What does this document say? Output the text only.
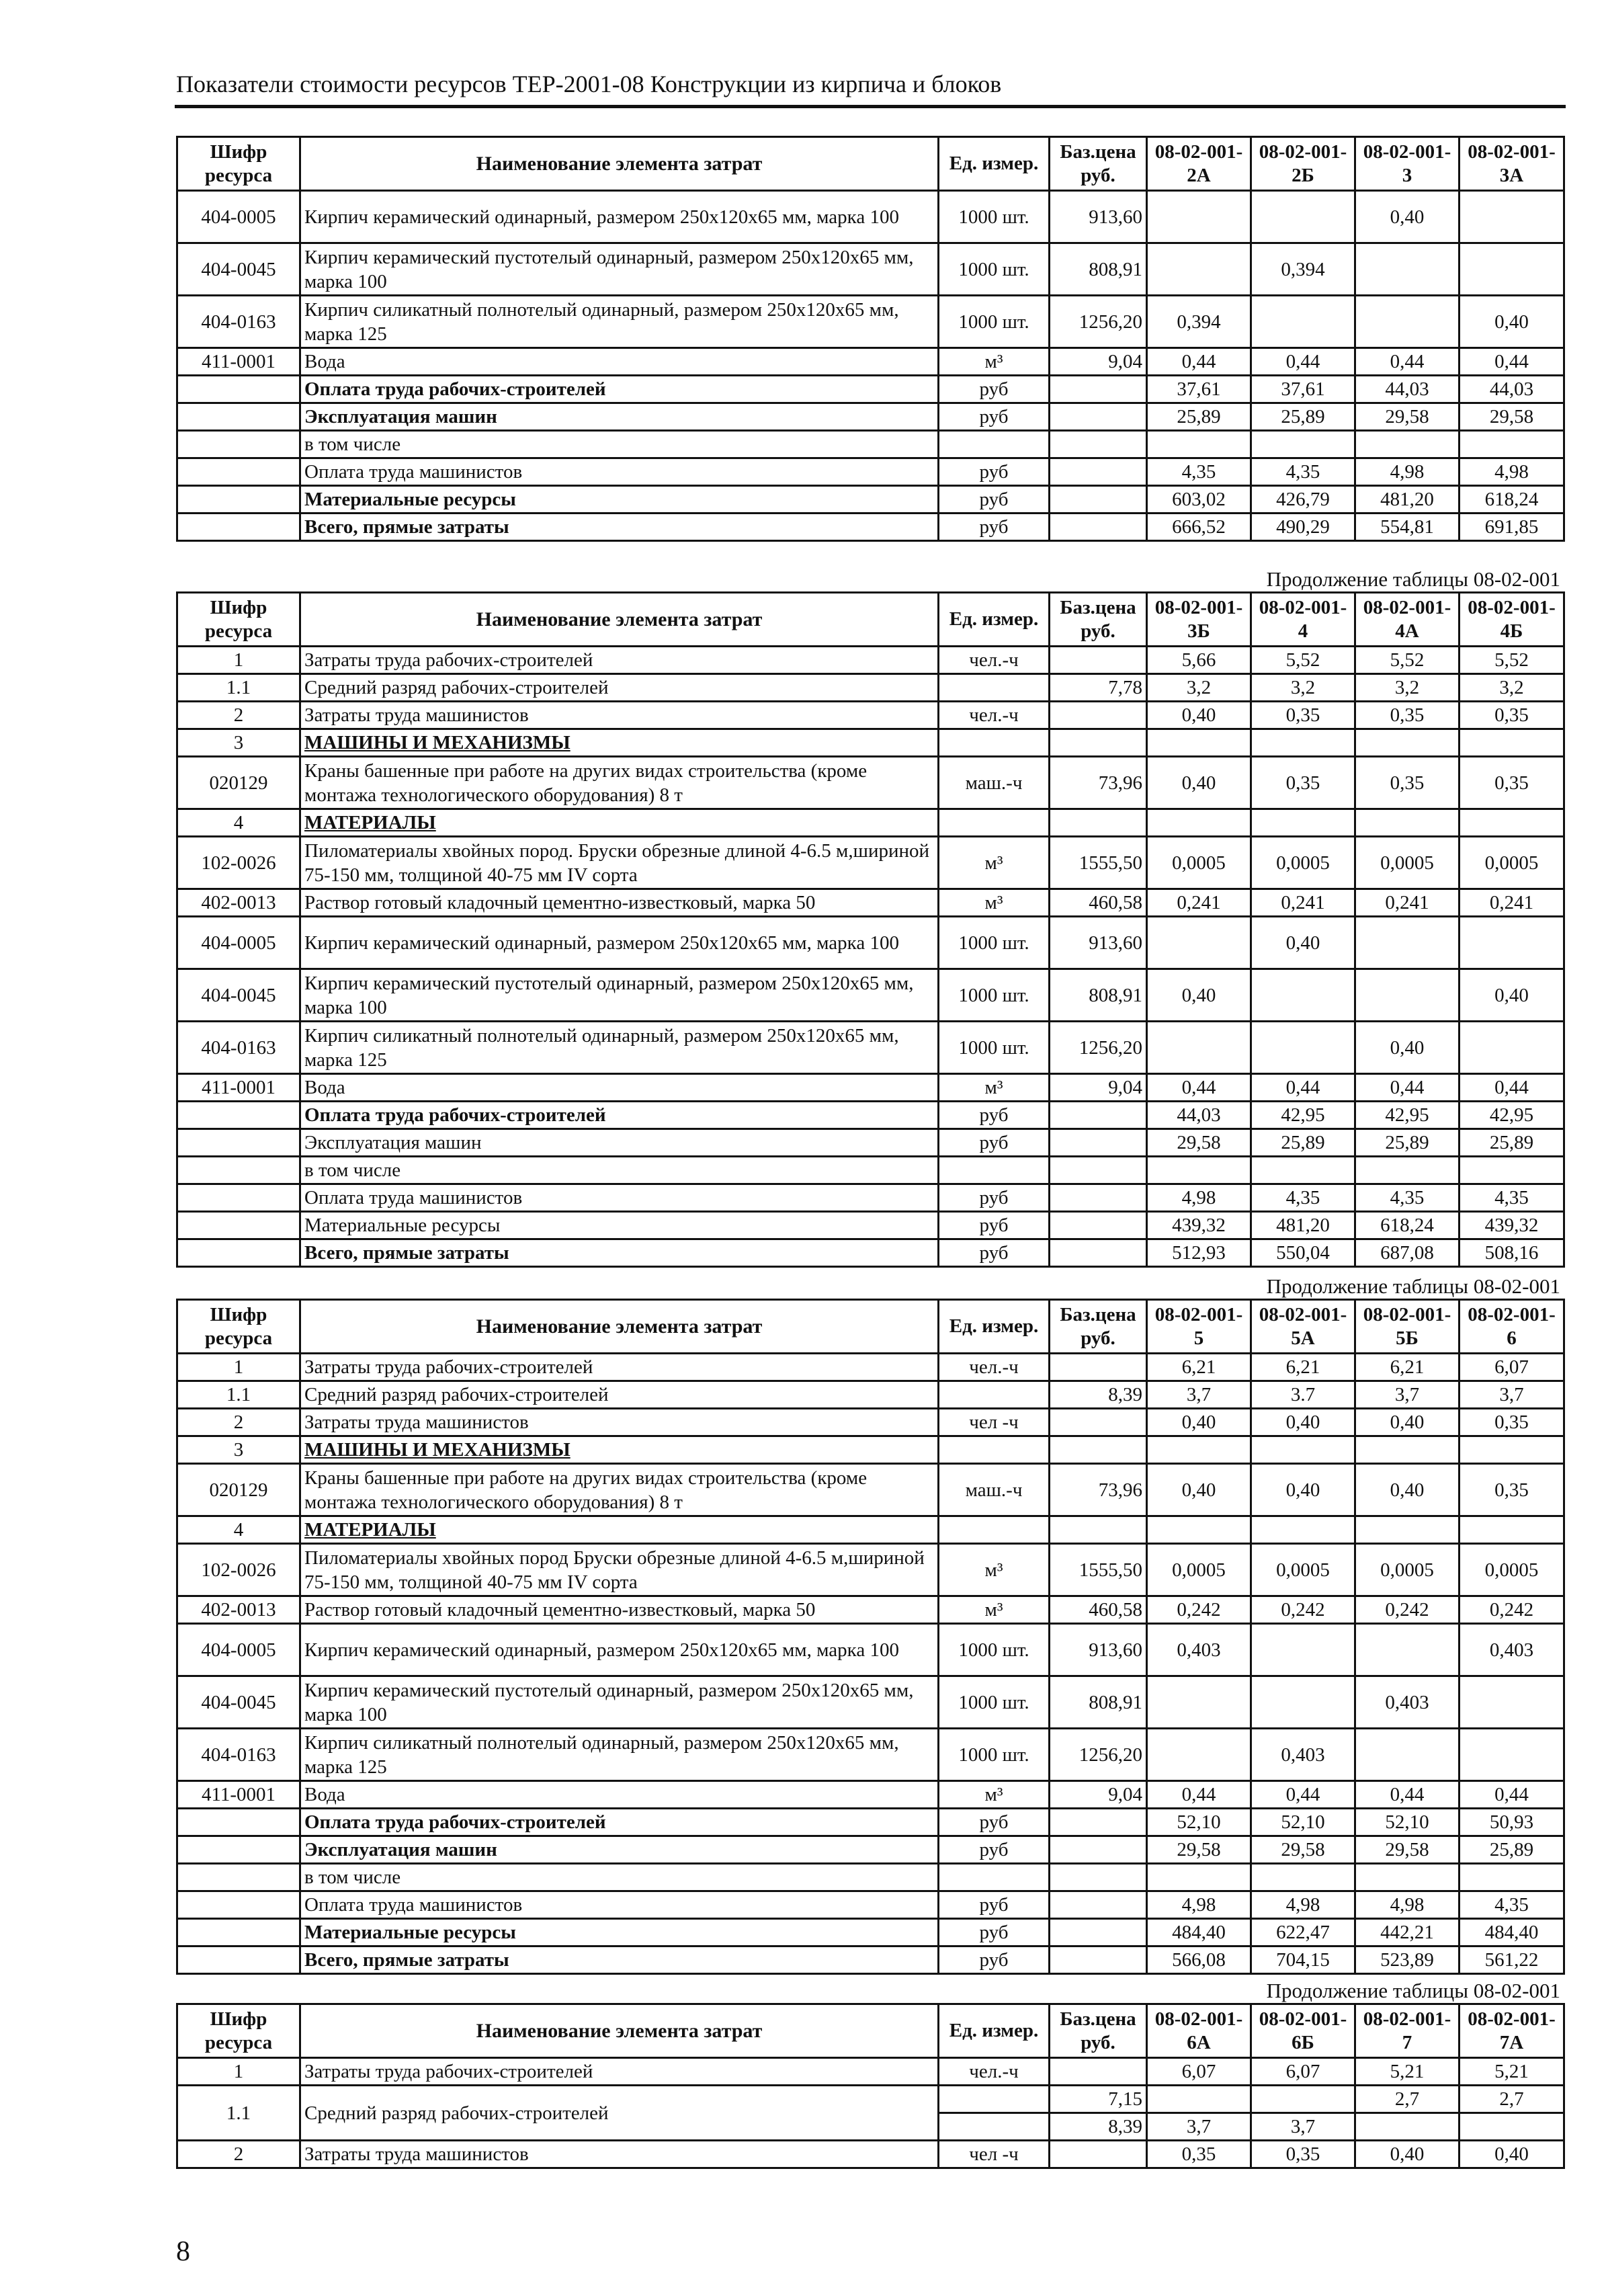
Показатели стоимости ресурсов ТЕР-2001-08 Конструкции из кирпича и блоков
Шифр ресурса	Наименование элемента затрат	Ед. измер.	Баз.цена руб.	08-02-001-2А	08-02-001-2Б	08-02-001-3	08-02-001-3А
404-0005	Кирпич керамический одинарный, размером 250х120х65 мм, марка 100	1000 шт.	913,60			0,40	
404-0045	Кирпич керамический пустотелый одинарный, размером 250х120х65 мм, марка 100	1000 шт.	808,91		0,394		
404-0163	Кирпич силикатный полнотелый одинарный, размером 250х120х65 мм, марка 125	1000 шт.	1256,20	0,394			0,40
411-0001	Вода	м³	9,04	0,44	0,44	0,44	0,44
	Оплата труда рабочих-строителей	руб		37,61	37,61	44,03	44,03
	Эксплуатация машин	руб		25,89	25,89	29,58	29,58
	в том числе						
	Оплата труда машинистов	руб		4,35	4,35	4,98	4,98
	Материальные ресурсы	руб		603,02	426,79	481,20	618,24
	Всего, прямые затраты	руб		666,52	490,29	554,81	691,85
Продолжение таблицы 08-02-001
Шифр ресурса	Наименование элемента затрат	Ед. измер.	Баз.цена руб.	08-02-001-3Б	08-02-001-4	08-02-001-4А	08-02-001-4Б
1	Затраты труда рабочих-строителей	чел.-ч		5,66	5,52	5,52	5,52
1.1	Средний разряд рабочих-строителей		7,78	3,2	3,2	3,2	3,2
2	Затраты труда машинистов	чел.-ч		0,40	0,35	0,35	0,35
3	МАШИНЫ И МЕХАНИЗМЫ						
020129	Краны башенные при работе на других видах строительства (кроме монтажа технологического оборудования) 8 т	маш.-ч	73,96	0,40	0,35	0,35	0,35
4	МАТЕРИАЛЫ						
102-0026	Пиломатериалы хвойных пород. Бруски обрезные длиной 4-6.5 м,шириной 75-150 мм, толщиной 40-75 мм IV сорта	м³	1555,50	0,0005	0,0005	0,0005	0,0005
402-0013	Раствор готовый кладочный цементно-известковый, марка 50	м³	460,58	0,241	0,241	0,241	0,241
404-0005	Кирпич керамический одинарный, размером 250х120х65 мм, марка 100	1000 шт.	913,60		0,40		
404-0045	Кирпич керамический пустотелый одинарный, размером 250х120х65 мм, марка 100	1000 шт.	808,91	0,40			0,40
404-0163	Кирпич силикатный полнотелый одинарный, размером 250х120х65 мм, марка 125	1000 шт.	1256,20			0,40	
411-0001	Вода	м³	9,04	0,44	0,44	0,44	0,44
	Оплата труда рабочих-строителей	руб		44,03	42,95	42,95	42,95
	Эксплуатация машин	руб		29,58	25,89	25,89	25,89
	в том числе						
	Оплата труда машинистов	руб		4,98	4,35	4,35	4,35
	Материальные ресурсы	руб		439,32	481,20	618,24	439,32
	Всего, прямые затраты	руб		512,93	550,04	687,08	508,16
Продолжение таблицы 08-02-001
Шифр ресурса	Наименование элемента затрат	Ед. измер.	Баз.цена руб.	08-02-001-5	08-02-001-5А	08-02-001-5Б	08-02-001-6
1	Затраты труда рабочих-строителей	чел.-ч		6,21	6,21	6,21	6,07
1.1	Средний разряд рабочих-строителей		8,39	3,7	3.7	3,7	3,7
2	Затраты труда машинистов	чел -ч		0,40	0,40	0,40	0,35
3	МАШИНЫ И МЕХАНИЗМЫ						
020129	Краны башенные при работе на других видах строительства (кроме монтажа технологического оборудования) 8 т	маш.-ч	73,96	0,40	0,40	0,40	0,35
4	МАТЕРИАЛЫ						
102-0026	Пиломатериалы хвойных пород Бруски обрезные длиной 4-6.5 м,шириной 75-150 мм, толщиной 40-75 мм IV сорта	м³	1555,50	0,0005	0,0005	0,0005	0,0005
402-0013	Раствор готовый кладочный цементно-известковый, марка 50	м³	460,58	0,242	0,242	0,242	0,242
404-0005	Кирпич керамический одинарный, размером 250х120х65 мм, марка 100	1000 шт.	913,60	0,403			0,403
404-0045	Кирпич керамический пустотелый одинарный, размером 250х120х65 мм, марка 100	1000 шт.	808,91			0,403	
404-0163	Кирпич силикатный полнотелый одинарный, размером 250х120х65 мм, марка 125	1000 шт.	1256,20		0,403		
411-0001	Вода	м³	9,04	0,44	0,44	0,44	0,44
	Оплата труда рабочих-строителей	руб		52,10	52,10	52,10	50,93
	Эксплуатация машин	руб		29,58	29,58	29,58	25,89
	в том числе						
	Оплата труда машинистов	руб		4,98	4,98	4,98	4,35
	Материальные ресурсы	руб		484,40	622,47	442,21	484,40
	Всего, прямые затраты	руб		566,08	704,15	523,89	561,22
Продолжение таблицы 08-02-001
Шифр ресурса	Наименование элемента затрат	Ед. измер.	Баз.цена руб.	08-02-001-6А	08-02-001-6Б	08-02-001-7	08-02-001-7А
1	Затраты труда рабочих-строителей	чел.-ч		6,07	6,07	5,21	5,21
1.1	Средний разряд рабочих-строителей		7,15			2,7	2,7
			8,39	3,7	3,7		
2	Затраты труда машинистов	чел -ч		0,35	0,35	0,40	0,40
8
